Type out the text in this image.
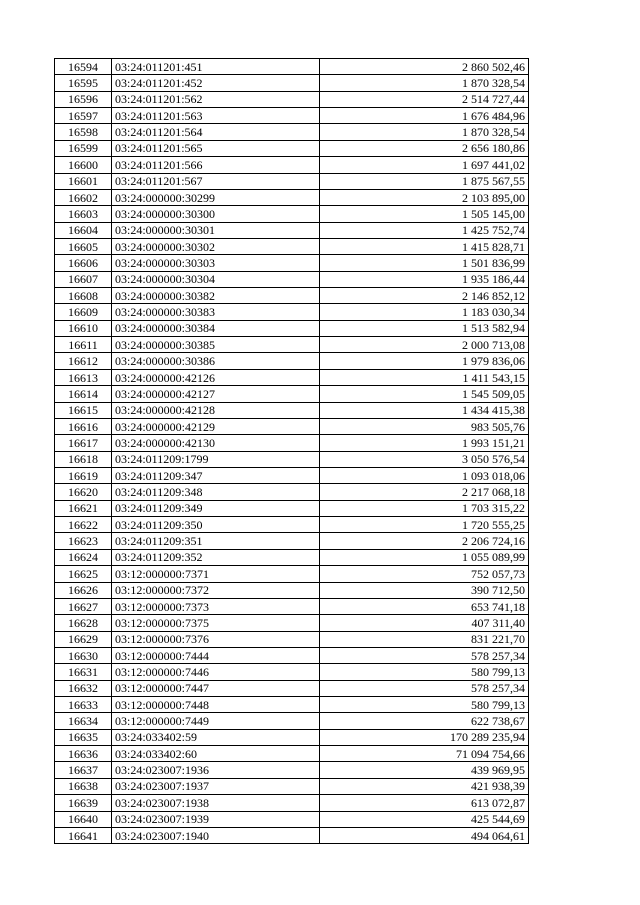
16594	03:24:011201:451	2 860 502,46
16595	03:24:011201:452	1 870 328,54
16596	03:24:011201:562	2 514 727,44
16597	03:24:011201:563	1 676 484,96
16598	03:24:011201:564	1 870 328,54
16599	03:24:011201:565	2 656 180,86
16600	03:24:011201:566	1 697 441,02
16601	03:24:011201:567	1 875 567,55
16602	03:24:000000:30299	2 103 895,00
16603	03:24:000000:30300	1 505 145,00
16604	03:24:000000:30301	1 425 752,74
16605	03:24:000000:30302	1 415 828,71
16606	03:24:000000:30303	1 501 836,99
16607	03:24:000000:30304	1 935 186,44
16608	03:24:000000:30382	2 146 852,12
16609	03:24:000000:30383	1 183 030,34
16610	03:24:000000:30384	1 513 582,94
16611	03:24:000000:30385	2 000 713,08
16612	03:24:000000:30386	1 979 836,06
16613	03:24:000000:42126	1 411 543,15
16614	03:24:000000:42127	1 545 509,05
16615	03:24:000000:42128	1 434 415,38
16616	03:24:000000:42129	983 505,76
16617	03:24:000000:42130	1 993 151,21
16618	03:24:011209:1799	3 050 576,54
16619	03:24:011209:347	1 093 018,06
16620	03:24:011209:348	2 217 068,18
16621	03:24:011209:349	1 703 315,22
16622	03:24:011209:350	1 720 555,25
16623	03:24:011209:351	2 206 724,16
16624	03:24:011209:352	1 055 089,99
16625	03:12:000000:7371	752 057,73
16626	03:12:000000:7372	390 712,50
16627	03:12:000000:7373	653 741,18
16628	03:12:000000:7375	407 311,40
16629	03:12:000000:7376	831 221,70
16630	03:12:000000:7444	578 257,34
16631	03:12:000000:7446	580 799,13
16632	03:12:000000:7447	578 257,34
16633	03:12:000000:7448	580 799,13
16634	03:12:000000:7449	622 738,67
16635	03:24:033402:59	170 289 235,94
16636	03:24:033402:60	71 094 754,66
16637	03:24:023007:1936	439 969,95
16638	03:24:023007:1937	421 938,39
16639	03:24:023007:1938	613 072,87
16640	03:24:023007:1939	425 544,69
16641	03:24:023007:1940	494 064,61
